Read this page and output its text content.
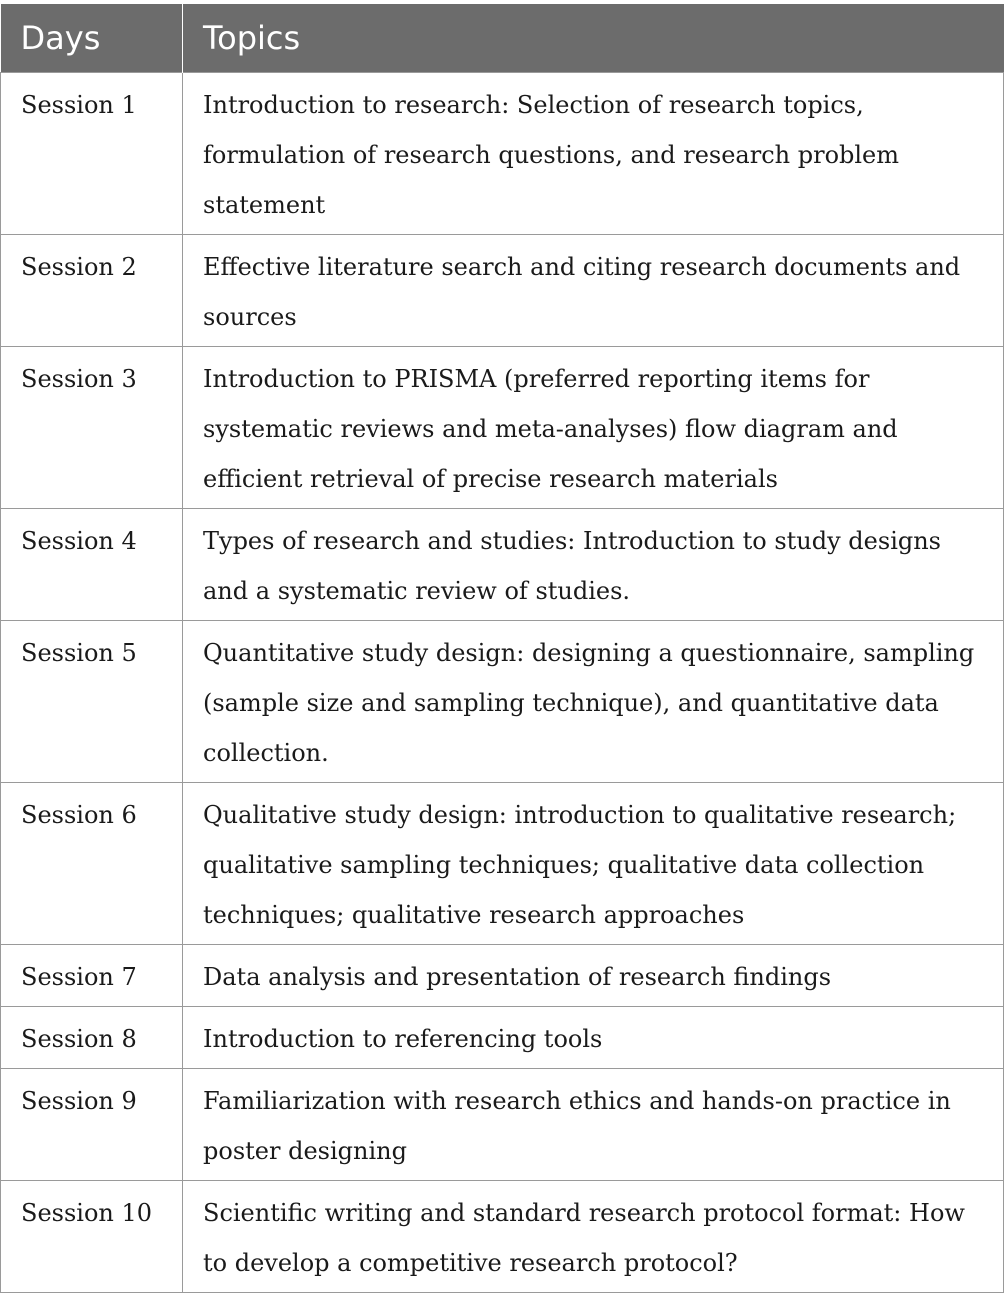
Days	Topics
Session 1	Introduction to research: Selection of research topics, formulation of research questions, and research problem statement
Session 2	Effective literature search and citing research documents and sources
Session 3	Introduction to PRISMA (preferred reporting items for systematic reviews and meta-analyses) flow diagram and efficient retrieval of precise research materials
Session 4	Types of research and studies: Introduction to study designs and a systematic review of studies.
Session 5	Quantitative study design: designing a questionnaire, sampling (sample size and sampling technique), and quantitative data collection.
Session 6	Qualitative study design: introduction to qualitative research; qualitative sampling techniques; qualitative data collection techniques; qualitative research approaches
Session 7	Data analysis and presentation of research findings
Session 8	Introduction to referencing tools
Session 9	Familiarization with research ethics and hands-on practice in poster designing
Session 10	Scientific writing and standard research protocol format: How to develop a competitive research protocol?
